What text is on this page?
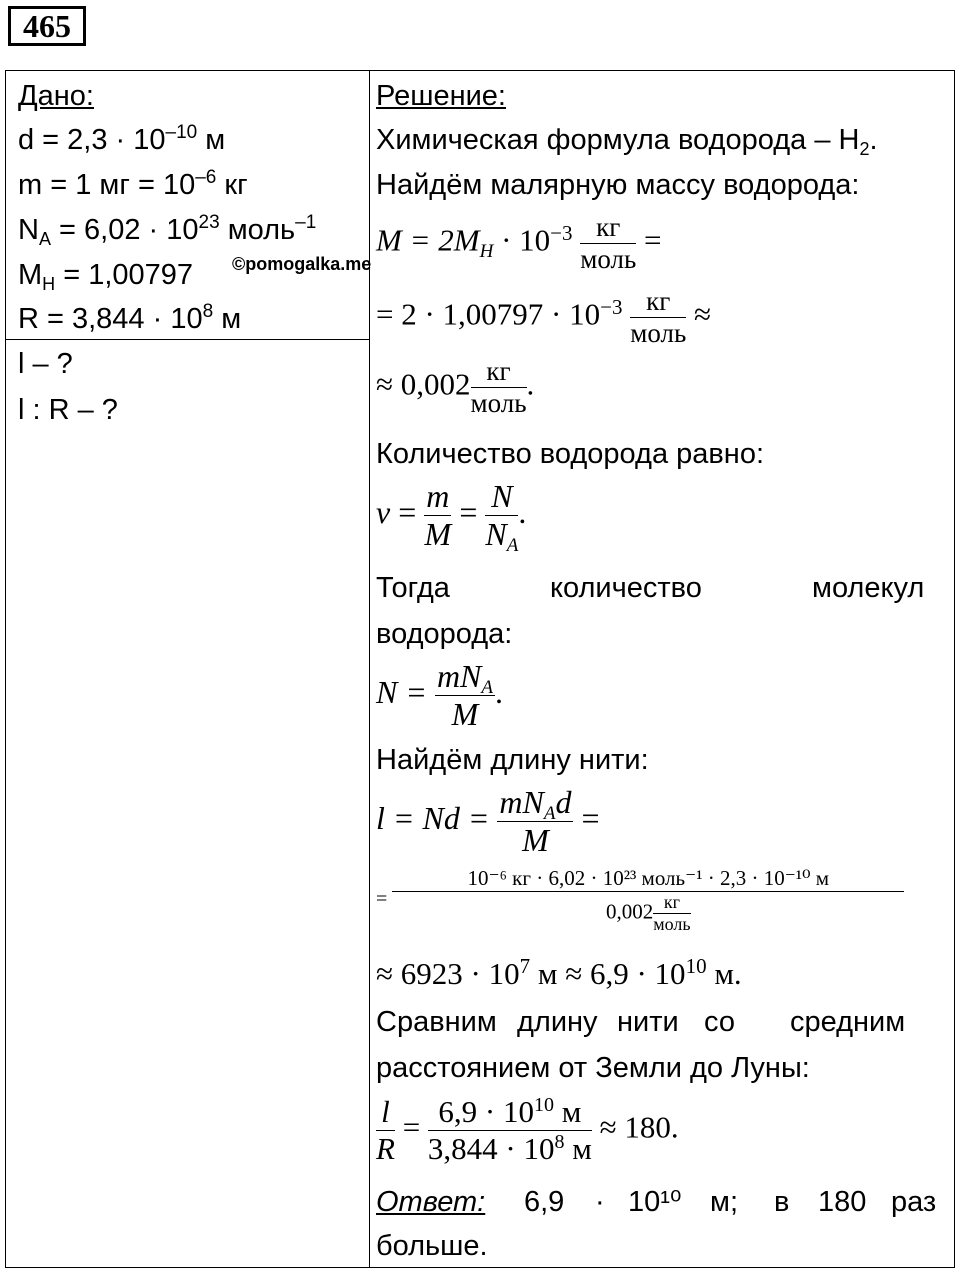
465
Дано:
$d = 2,3 \cdot 10^{-10}$ м
m = 1 мг = $10^{-6}$ кг
$N_A = 6,02 \cdot 10^{23}$ моль$^{-1}$
$M_H = 1,00797$ ©pomogalka.me
$R = 3,844 \cdot 10^8$ м
l – ?
l : R – ?
Решение:
Химическая формула водорода – $H_2$.
Найдём малярную массу водорода:
$M = 2MH \cdot 10^{-3} \frac{кг}{\text{моль}}$ =
= $2 \cdot 1,00797 \cdot 10^{-3} \frac{кг}{\text{моль}}$ ≈
≈ $0,002 \frac{кг}{\text{моль}}$ .
Количество водорода равно:
$\nu = \frac{m}{M} = \frac{N}{NA}$ .
Тогда	количество	молекул
водорода:
$N = \frac{\text{mNA}}{M}$ .
Найдём длину нити:
$l = Nd = \frac{\text{mNAd}}{M}$ =
= $\frac{\text{10⁻⁶ кг · 6,02 · 10²³ моль⁻¹ · 2,3 · 10⁻¹⁰ м}}{0,002 \frac{кг}{\text{моль}}}$
≈ $6923 \cdot 10^7$ $м \approx 6,9 \cdot 10^{10}$ м.
Сравним длину нити со средним
расстоянием от Земли до Луны:
$\frac{l}{R} = \frac{6,9 \cdot 10^{10} м}{3,844 \cdot 10^8 м} \approx 180$.
Ответ: 6,9 · 10¹⁰ м; в 180 раз
больше.
